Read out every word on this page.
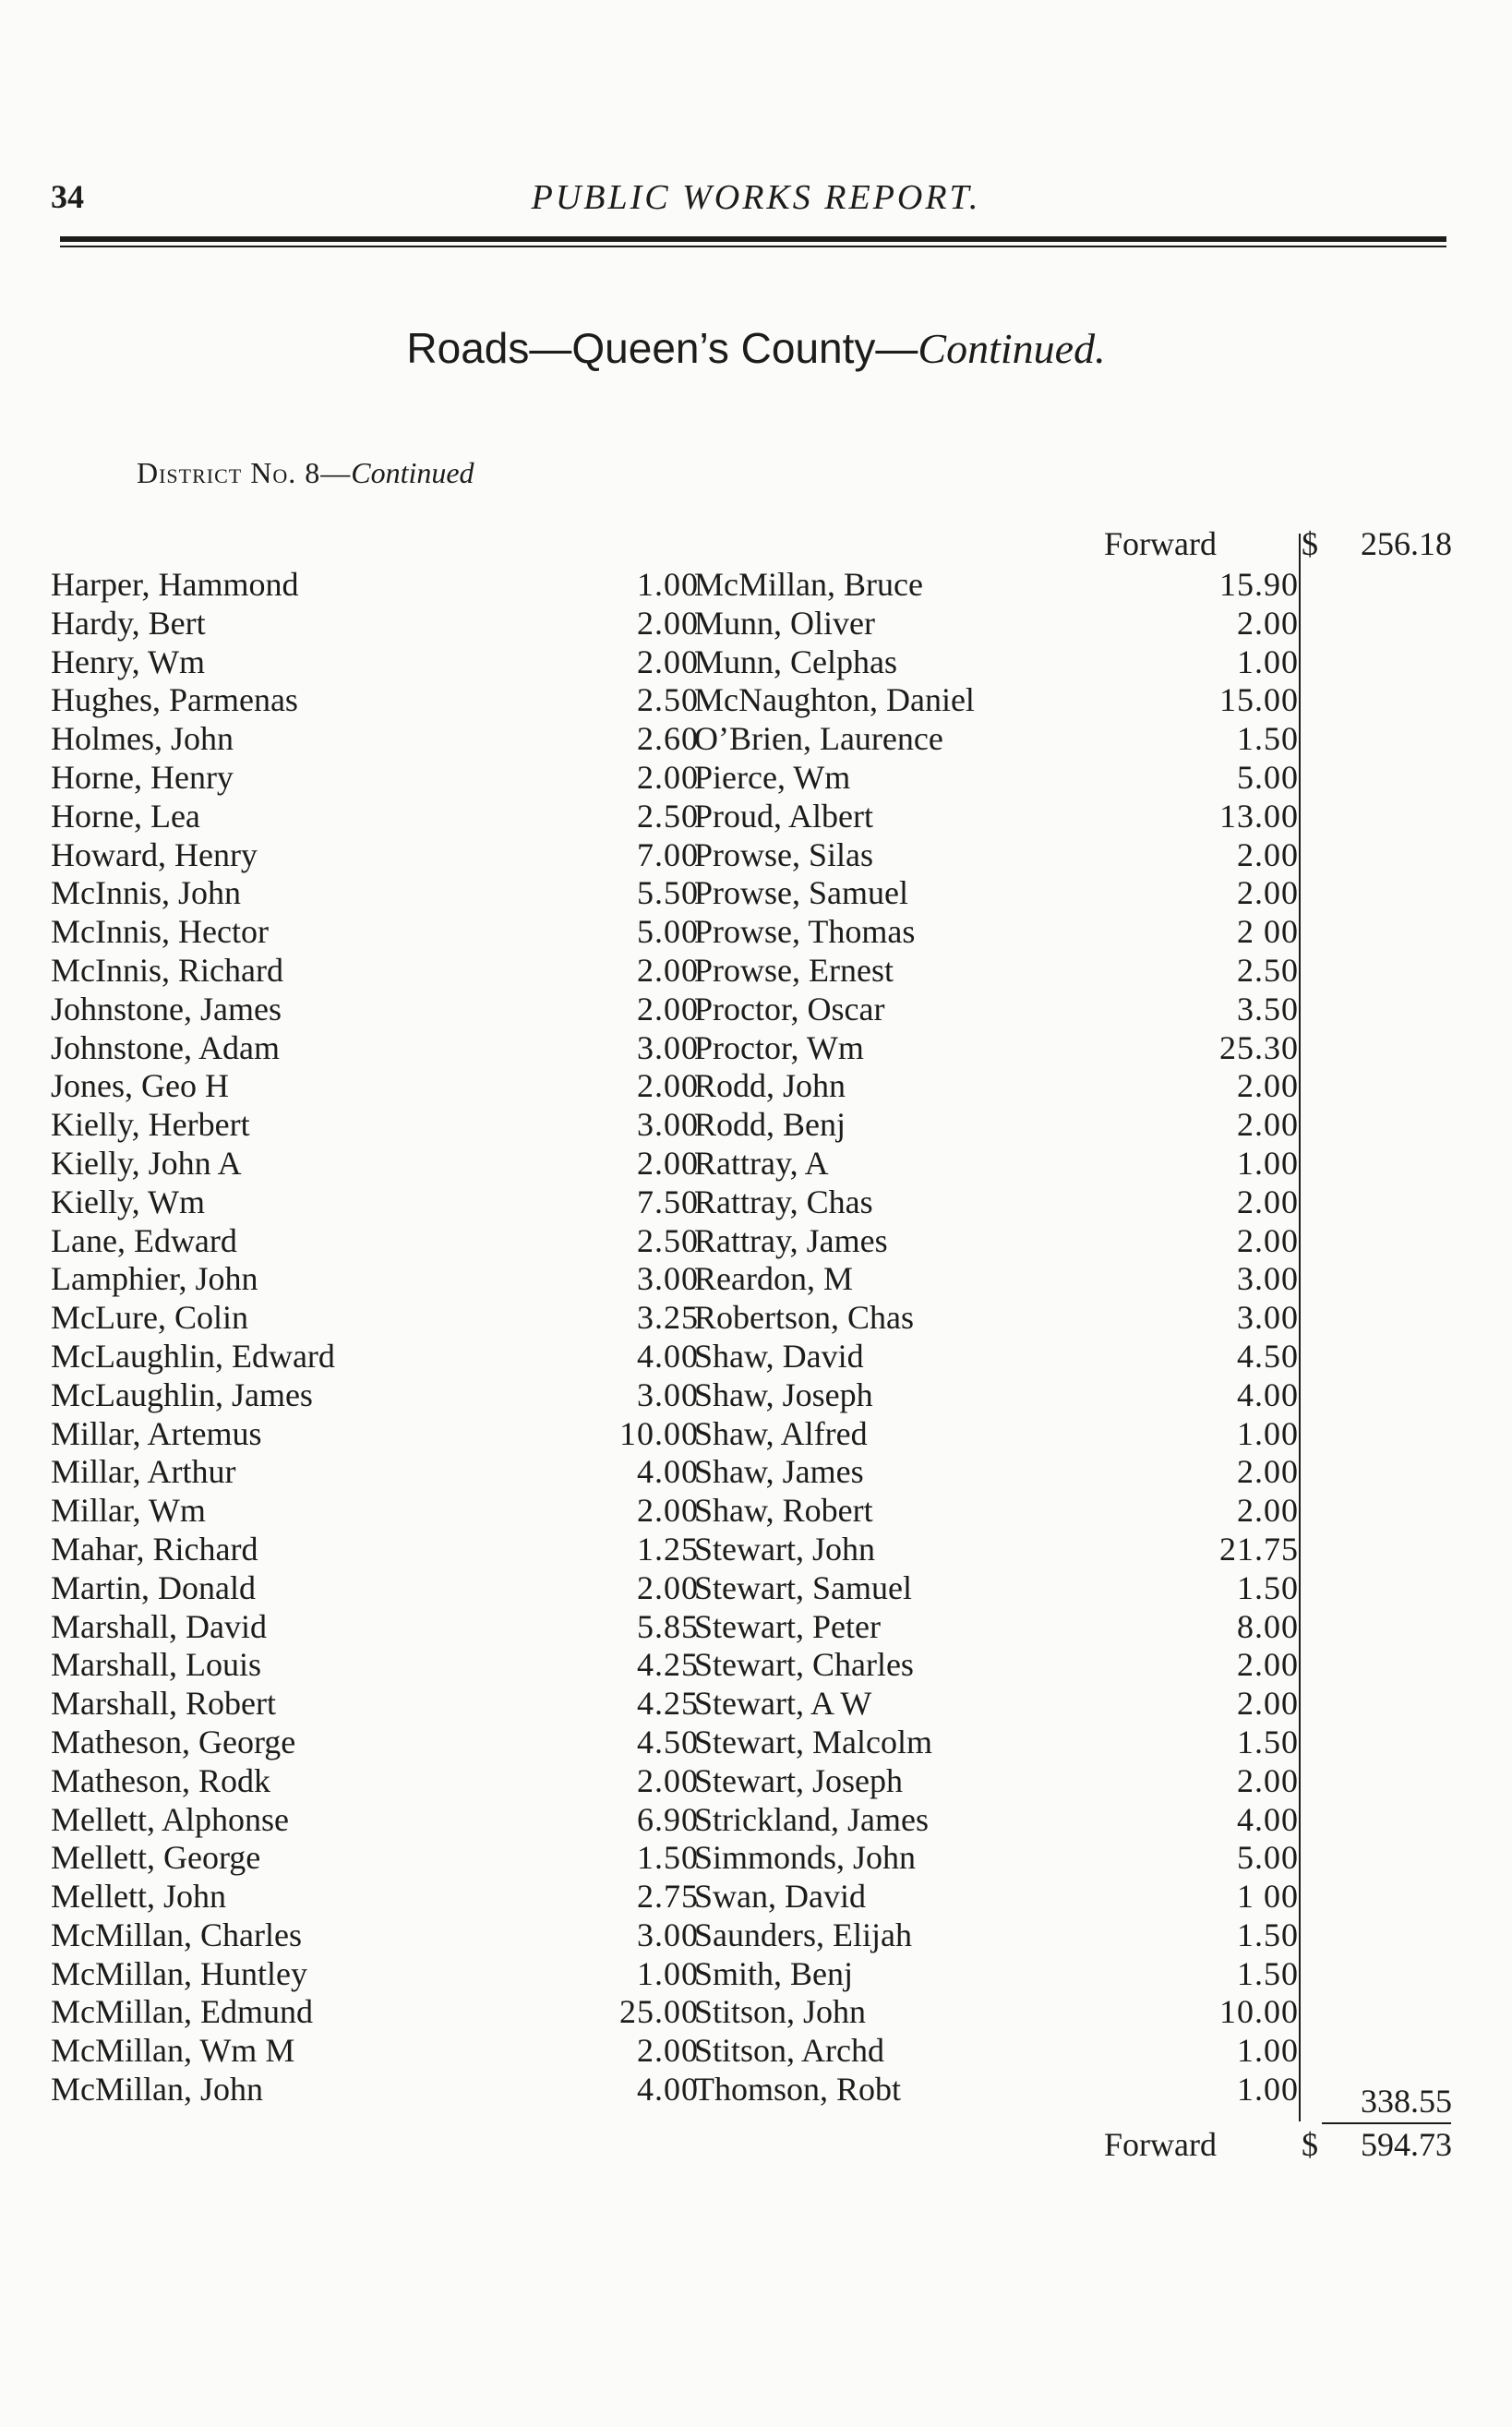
34	PUBLIC WORKS REPORT.
Roads—Queen’s County—Continued.
District No. 8—Continued
Forward	$	256.18
Harper, Hammond	1.00
Hardy, Bert	2.00
Henry, Wm	2.00
Hughes, Parmenas	2.50
Holmes, John	2.60
Horne, Henry	2.00
Horne, Lea	2.50
Howard, Henry	7.00
McInnis, John	5.50
McInnis, Hector	5.00
McInnis, Richard	2.00
Johnstone, James	2.00
Johnstone, Adam	3.00
Jones, Geo H	2.00
Kielly, Herbert	3.00
Kielly, John A	2.00
Kielly, Wm	7.50
Lane, Edward	2.50
Lamphier, John	3.00
McLure, Colin	3.25
McLaughlin, Edward	4.00
McLaughlin, James	3.00
Millar, Artemus	10.00
Millar, Arthur	4.00
Millar, Wm	2.00
Mahar, Richard	1.25
Martin, Donald	2.00
Marshall, David	5.85
Marshall, Louis	4.25
Marshall, Robert	4.25
Matheson, George	4.50
Matheson, Rodk	2.00
Mellett, Alphonse	6.90
Mellett, George	1.50
Mellett, John	2.75
McMillan, Charles	3.00
McMillan, Huntley	1.00
McMillan, Edmund	25.00
McMillan, Wm M	2.00
McMillan, John	4.00
McMillan, Bruce	15.90
Munn, Oliver	2.00
Munn, Celphas	1.00
McNaughton, Daniel	15.00
O’Brien, Laurence	1.50
Pierce, Wm	5.00
Proud, Albert	13.00
Prowse, Silas	2.00
Prowse, Samuel	2.00
Prowse, Thomas	2 00
Prowse, Ernest	2.50
Proctor, Oscar	3.50
Proctor, Wm	25.30
Rodd, John	2.00
Rodd, Benj	2.00
Rattray, A	1.00
Rattray, Chas	2.00
Rattray, James	2.00
Reardon, M	3.00
Robertson, Chas	3.00
Shaw, David	4.50
Shaw, Joseph	4.00
Shaw, Alfred	1.00
Shaw, James	2.00
Shaw, Robert	2.00
Stewart, John	21.75
Stewart, Samuel	1.50
Stewart, Peter	8.00
Stewart, Charles	2.00
Stewart, A W	2.00
Stewart, Malcolm	1.50
Stewart, Joseph	2.00
Strickland, James	4.00
Simmonds, John	5.00
Swan, David	1 00
Saunders, Elijah	1.50
Smith, Benj	1.50
Stitson, John	10.00
Stitson, Archd	1.00
Thomson, Robt	1.00	338.55
Forward	$	594.73
